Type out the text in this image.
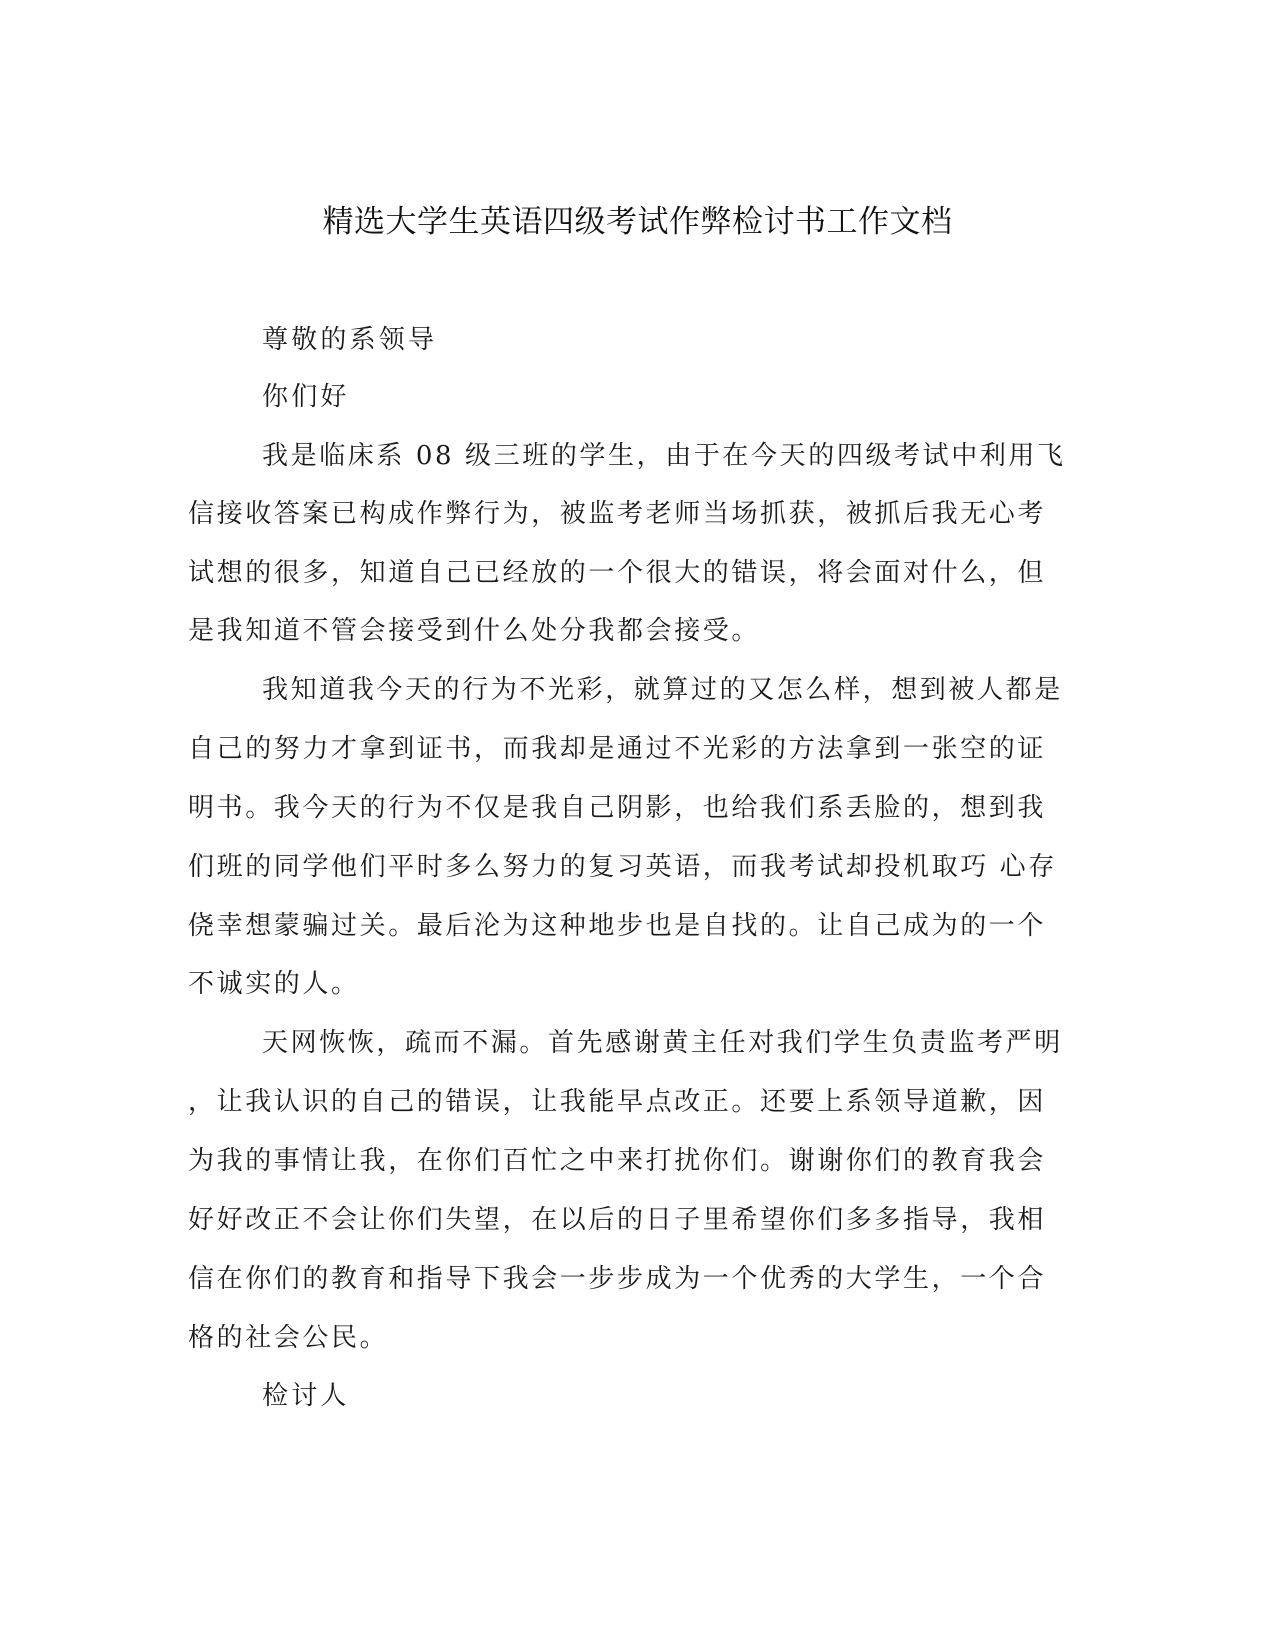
精选大学生英语四级考试作弊检讨书工作文档

尊敬的系领导

你们好

我是临床系 08 级三班的学生，由于在今天的四级考试中利用飞

信接收答案已构成作弊行为，被监考老师当场抓获，被抓后我无心考

试想的很多，知道自己已经放的一个很大的错误，将会面对什么，但

是我知道不管会接受到什么处分我都会接受。

我知道我今天的行为不光彩，就算过的又怎么样，想到被人都是

自己的努力才拿到证书，而我却是通过不光彩的方法拿到一张空的证

明书。我今天的行为不仅是我自己阴影，也给我们系丢脸的，想到我

们班的同学他们平时多么努力的复习英语，而我考试却投机取巧 心存

侥幸想蒙骗过关。最后沦为这种地步也是自找的。让自己成为的一个

不诚实的人。

天网恢恢，疏而不漏。首先感谢黄主任对我们学生负责监考严明

，让我认识的自己的错误，让我能早点改正。还要上系领导道歉，因

为我的事情让我，在你们百忙之中来打扰你们。谢谢你们的教育我会

好好改正不会让你们失望，在以后的日子里希望你们多多指导，我相

信在你们的教育和指导下我会一步步成为一个优秀的大学生，一个合

格的社会公民。

检讨人
